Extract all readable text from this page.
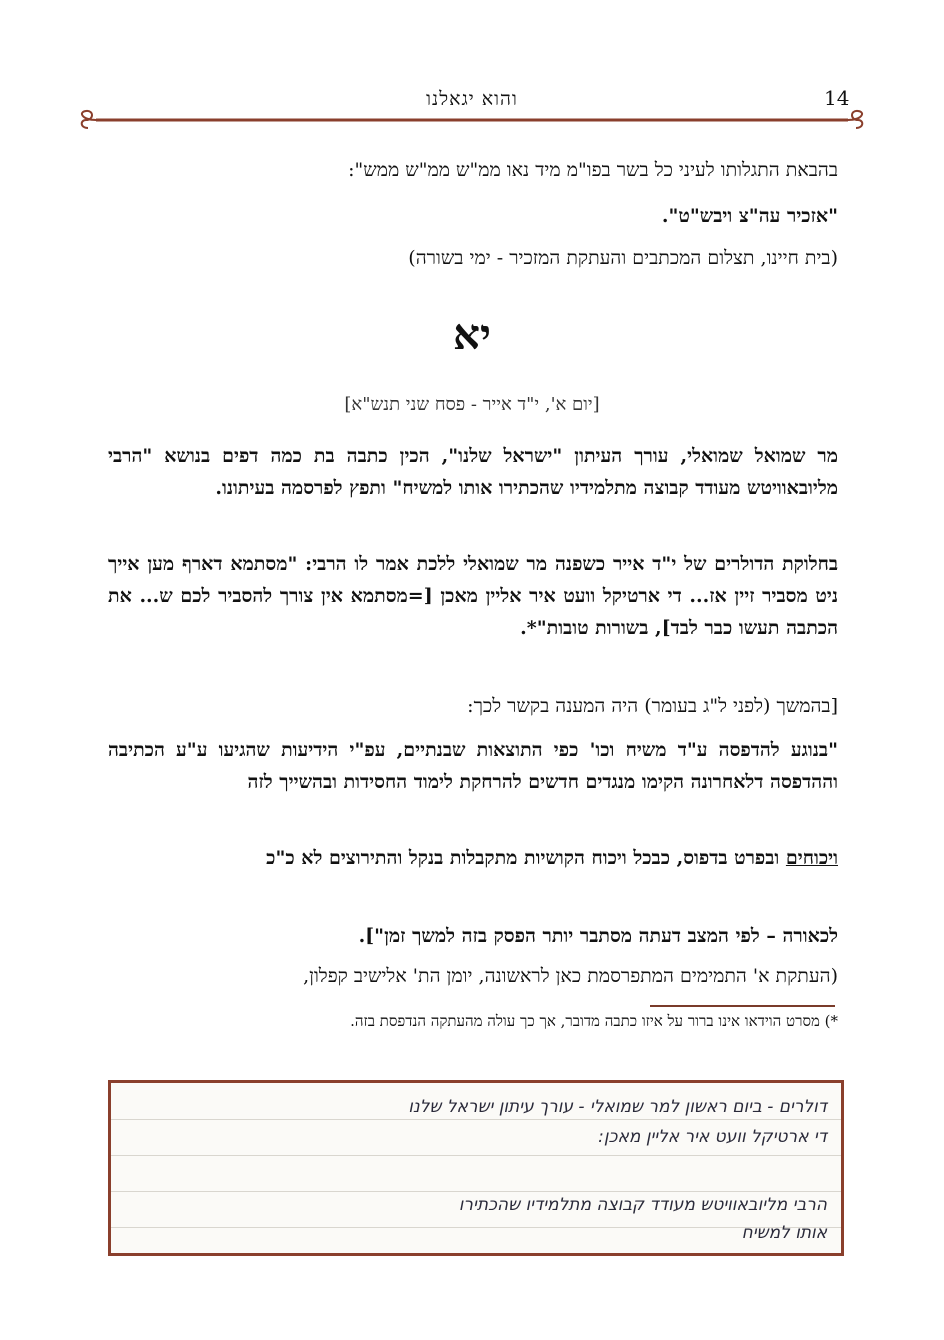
והוא יגאלנו	14

בהבאת התגלותו לעיני כל בשר בפו"מ מיד נאו ממ"ש ממ"ש ממש":

"אזכיר עה"צ ויבש"ט".

(בית חיינו, תצלום המכתבים והעתקת המזכיר - ימי בשורה)

יא
[יום א', י"ד אייר - פסח שני תנש"א]

מר שמואל שמואלי, עורך העיתון "ישראל שלנו", הכין כתבה בת כמה דפים בנושא "הרבי מליובאוויטש מעודד קבוצה מתלמידיו שהכתירו אותו למשיח" ותפץ לפרסמה בעיתונו.

בחלוקת הדולרים של י"ד אייר כשפנה מר שמואלי ללכת אמר לו הרבי: "מסתמא דארף מען אייך ניט מסביר זיין אז... די ארטיקל וועט איר אליין מאכן [=מסתמא אין צורך להסביר לכם ש... את הכתבה תעשו כבר לבד], בשורות טובות"*.

[בהמשך (לפני ל"ג בעומר) היה המענה בקשר לכך:

"בנוגע להדפסה ע"ד משיח וכו' כפי התוצאות שבנתיים, עפ"י הידיעות שהגיעו ע"ע הכתיבה וההדפסה דלאחרונה הקימו מנגדים חדשים להרחקת לימוד החסידות ובהשייך לזה

ויכוחים ובפרט בדפוס, כבכל ויכוח הקושיות מתקבלות בנקל והתירוצים לא כ"כ

לכאורה – לפי המצב דעתה מסתבר יותר הפסק בזה למשך זמן"].

(העתקת א' התמימים המתפרסמת כאן לראשונה, יומן הת' אלישיב קפלון,

*) מסרט הוידאו אינו ברור על איזו כתבה מדובר, אך כך עולה מהעתקה הנדפסת בזה.
דולרים - ביום ראשון למר שמואלי - עורך עיתון ישראל שלנו
די ארטיקל וועט איר אליין מאכן:
הרבי מליובאוויטש מעודד קבוצה מתלמידיו שהכתירו
אותו למשיח
